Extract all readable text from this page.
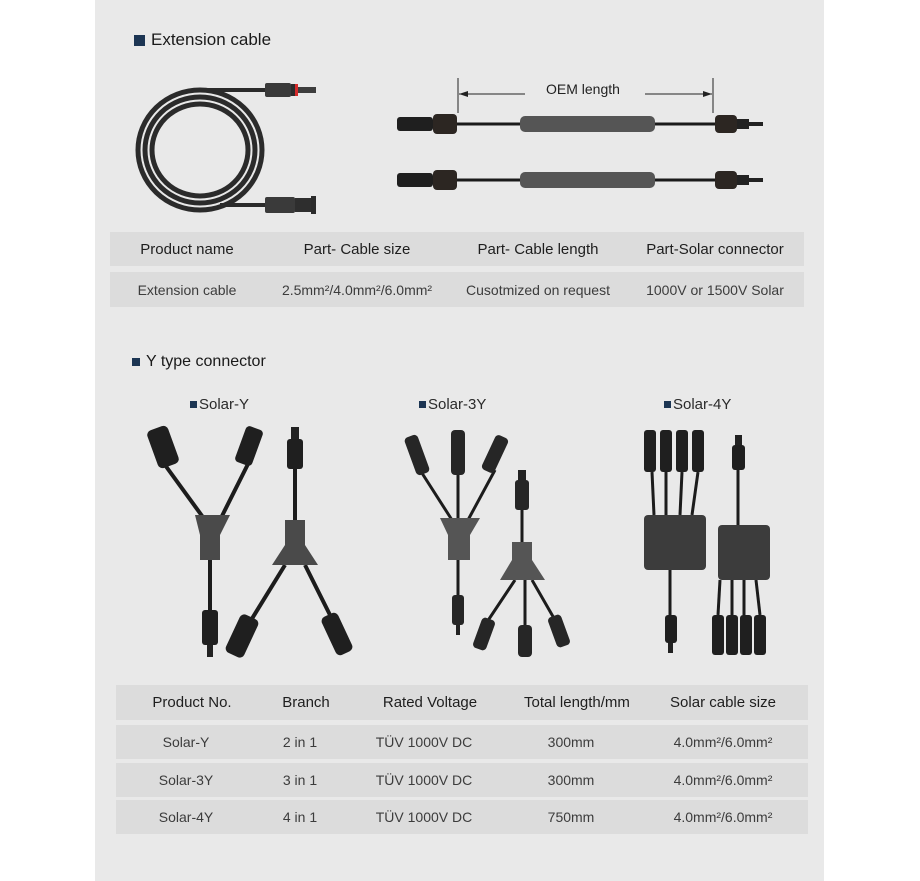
Extension cable
OEM length
Product name	Part- Cable size	Part- Cable length	Part-Solar connector
Extension cable	2.5mm²/4.0mm²/6.0mm²	Cusotmized on request	1000V or 1500V Solar
Y type connector
Solar-Y	Solar-3Y	Solar-4Y
Product No.	Branch	Rated Voltage	Total length/mm	Solar cable size
Solar-Y	2 in 1	TÜV 1000V DC	300mm	4.0mm²/6.0mm²
Solar-3Y	3 in 1	TÜV 1000V DC	300mm	4.0mm²/6.0mm²
Solar-4Y	4 in 1	TÜV 1000V DC	750mm	4.0mm²/6.0mm²
